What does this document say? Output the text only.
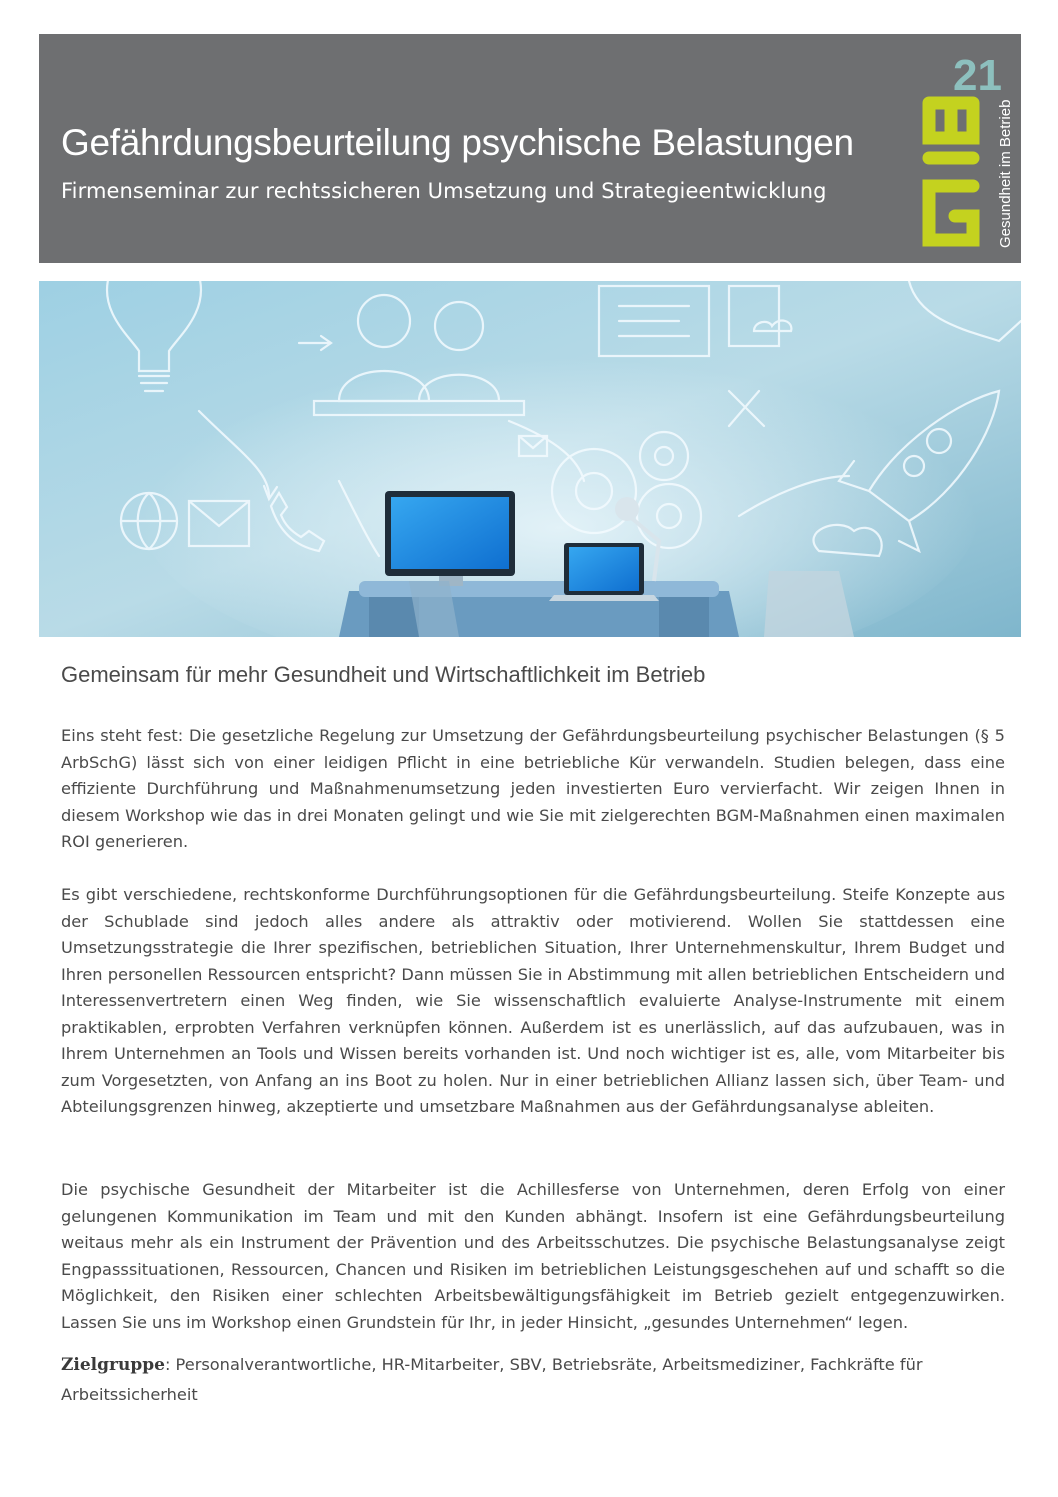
Gefährdungsbeurteilung psychische Belastungen
Firmenseminar zur rechtssicheren Umsetzung und Strategieentwicklung
21
Gesundheit im Betrieb
Gemeinsam für mehr Gesundheit und Wirtschaftlichkeit im Betrieb

Eins steht fest: Die gesetzliche Regelung zur Umsetzung der Gefährdungsbeurteilung psychischer Belastungen (§ 5 ArbSchG) lässt sich von einer leidigen Pflicht in eine betriebliche Kür verwandeln. Studien belegen, dass eine effiziente Durchführung und Maßnahmenumsetzung jeden investierten Euro vervierfacht. Wir zeigen Ihnen in diesem Workshop wie das in drei Monaten gelingt und wie Sie mit zielgerechten BGM-Maßnahmen einen maximalen ROI generieren.

Es gibt verschiedene, rechtskonforme Durchführungsoptionen für die Gefährdungsbeurteilung. Steife Konzepte aus der Schublade sind jedoch alles andere als attraktiv oder motivierend. Wollen Sie stattdessen eine Umsetzungsstrategie die Ihrer spezifischen, betrieblichen Situation, Ihrer Unternehmenskultur, Ihrem Budget und Ihren personellen Ressourcen entspricht? Dann müssen Sie in Abstimmung mit allen betrieblichen Entscheidern und Interessenvertretern einen Weg finden, wie Sie wissenschaftlich evaluierte Analyse-Instrumente mit einem praktikablen, erprobten Verfahren verknüpfen können. Außerdem ist es unerlässlich, auf das aufzubauen, was in Ihrem Unternehmen an Tools und Wissen bereits vorhanden ist. Und noch wichtiger ist es, alle, vom Mitarbeiter bis zum Vorgesetzten, von Anfang an ins Boot zu holen. Nur in einer betrieblichen Allianz lassen sich, über Team- und Abteilungsgrenzen hinweg, akzeptierte und umsetzbare Maßnahmen aus der Gefährdungsanalyse ableiten.

Die psychische Gesundheit der Mitarbeiter ist die Achillesferse von Unternehmen, deren Erfolg von einer gelungenen Kommunikation im Team und mit den Kunden abhängt. Insofern ist eine Gefährdungsbeurteilung weitaus mehr als ein Instrument der Prävention und des Arbeitsschutzes. Die psychische Belastungsanalyse zeigt Engpasssituationen, Ressourcen, Chancen und Risiken im betrieblichen Leistungsgeschehen auf und schafft so die Möglichkeit, den Risiken einer schlechten Arbeitsbewältigungsfähigkeit im Betrieb gezielt entgegenzuwirken. Lassen Sie uns im Workshop einen Grundstein für Ihr, in jeder Hinsicht, „gesundes Unternehmen“ legen.

Zielgruppe: Personalverantwortliche, HR-Mitarbeiter, SBV, Betriebsräte, Arbeitsmediziner, Fachkräfte für Arbeitssicherheit
